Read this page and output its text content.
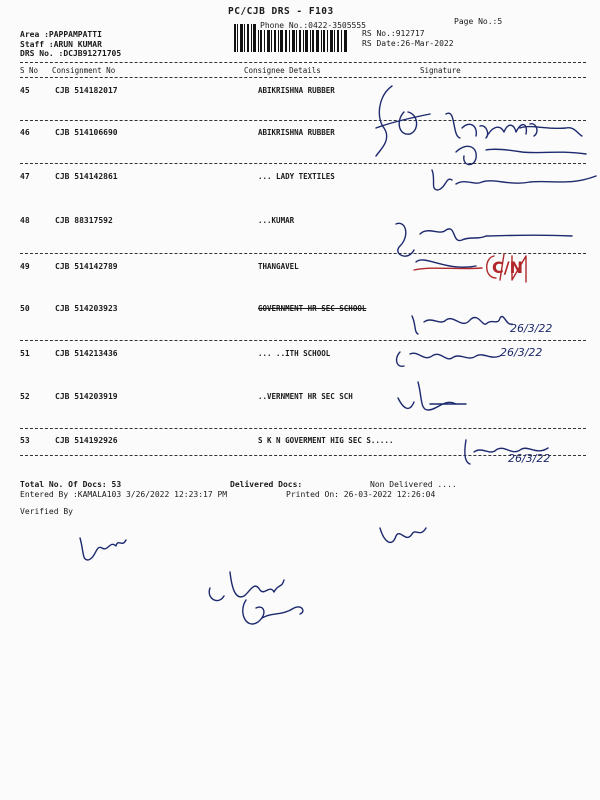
PC/CJB DRS - F103
Page No.:5
Phone No.:0422-3505555
Area :PAPPAMPATTI
Staff :ARUN KUMAR
DRS No. :DCJB91271705
RS No.:912717
RS Date:26-Mar-2022
S No Consignment No	Consignee Details	Signature
45	CJB 514182017	ABIKRISHNA RUBBER
46	CJB 514106690	ABIKRISHNA RUBBER
47	CJB 514142861	... LADY TEXTILES
48	CJB 88317592	...KUMAR
49	CJB 514142789	THANGAVEL
50	CJB 514203923	GOVERNMENT HR SEC SCHOOL
51	CJB 514213436	... ..ITH SCHOOL
52	CJB 514203919	..VERNMENT HR SEC SCH
53	CJB 514192926	S K N GOVERMENT HIG SEC S.....
Total No. Of Docs: 53	Delivered Docs:	Non Delivered ....
Entered By :KAMALA103 3/26/2022 12:23:17 PM	Printed On: 26-03-2022 12:26:04
Verified By
C/N
26/3/22
26/3/22
26/3/22
